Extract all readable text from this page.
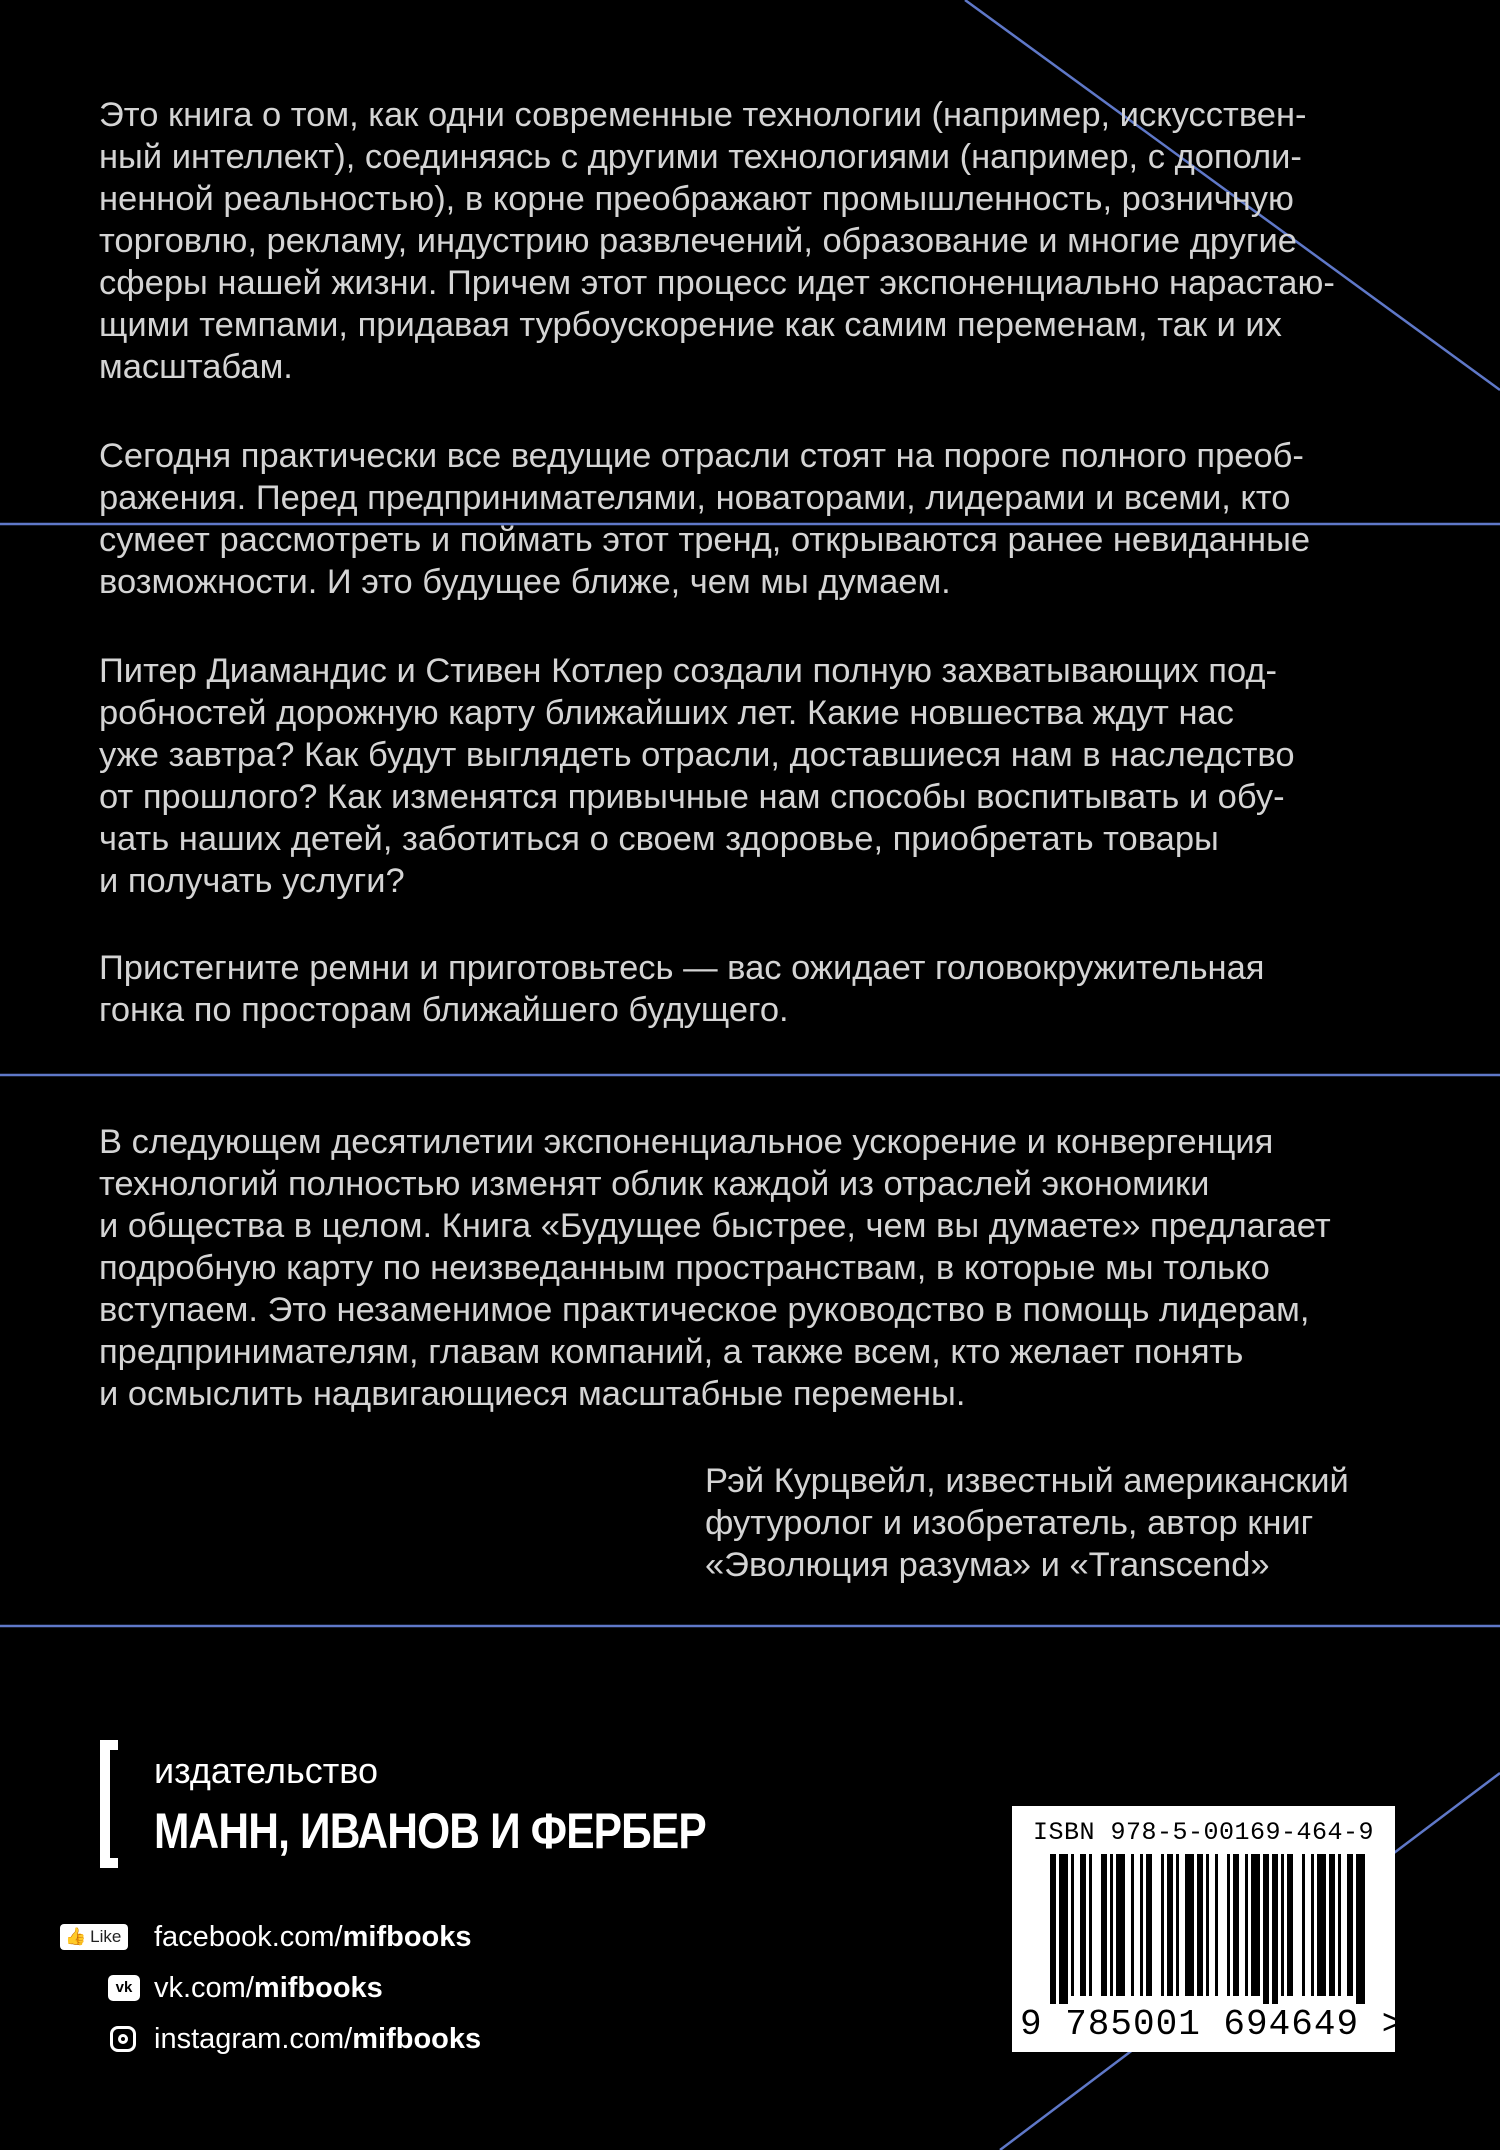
Это книга о том, как одни современные технологии (например, искусствен-
ный интеллект), соединяясь с другими технологиями (например, с дополи-
ненной реальностью), в корне преображают промышленность, розничную
торговлю, рекламу, индустрию развлечений, образование и многие другие
сферы нашей жизни. Причем этот процесс идет экспоненциально нарастаю-
щими темпами, придавая турбоускорение как самим переменам, так и их
масштабам.
Сегодня практически все ведущие отрасли стоят на пороге полного преоб-
ражения. Перед предпринимателями, новаторами, лидерами и всеми, кто
сумеет рассмотреть и поймать этот тренд, открываются ранее невиданные
возможности. И это будущее ближе, чем мы думаем.
Питер Диамандис и Стивен Котлер создали полную захватывающих под-
робностей дорожную карту ближайших лет. Какие новшества ждут нас
уже завтра? Как будут выглядеть отрасли, доставшиеся нам в наследство
от прошлого? Как изменятся привычные нам способы воспитывать и обу-
чать наших детей, заботиться о своем здоровье, приобретать товары
и получать услуги?
Пристегните ремни и приготовьтесь — вас ожидает головокружительная
гонка по просторам ближайшего будущего.
В следующем десятилетии экспоненциальное ускорение и конвергенция
технологий полностью изменят облик каждой из отраслей экономики
и общества в целом. Книга «Будущее быстрее, чем вы думаете» предлагает
подробную карту по неизведанным пространствам, в которые мы только
вступаем. Это незаменимое практическое руководство в помощь лидерам,
предпринимателям, главам компаний, а также всем, кто желает понять
и осмыслить надвигающиеся масштабные перемены.
Рэй Курцвейл, известный американский
футуролог и изобретатель, автор книг
«Эволюция разума» и «Transcend»
издательство
МАНН, ИВАНОВ И ФЕРБЕР
👍 Like facebook.com/mifbooks
vk vk.com/mifbooks
instagram.com/mifbooks
ISBN 978-5-00169-464-9
9 785001 694649 >
